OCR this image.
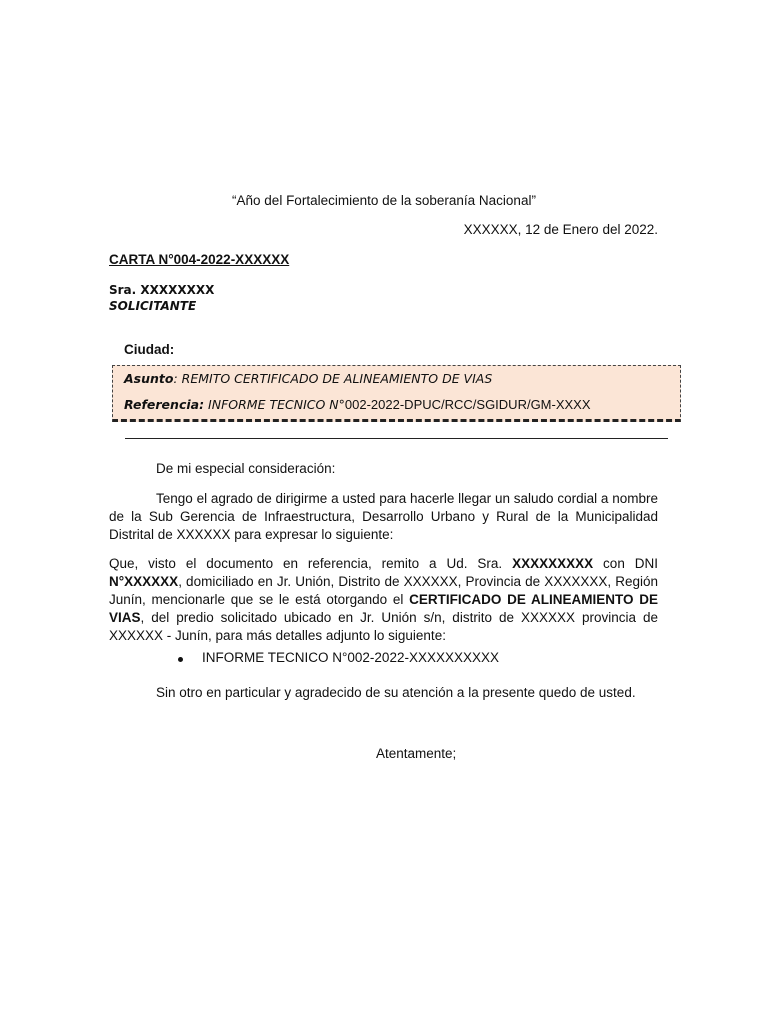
“Año del Fortalecimiento de la soberanía Nacional”
XXXXXX, 12 de Enero del 2022.
CARTA N°004-2022-XXXXXX
Sra. XXXXXXXX
SOLICITANTE
Ciudad:
Asunto: REMITO CERTIFICADO DE ALINEAMIENTO DE VIAS
Referencia: INFORME TECNICO N°002-2022-DPUC/RCC/SGIDUR/GM-XXXX
De mi especial consideración:
Tengo el agrado de dirigirme a usted para hacerle llegar un saludo cordial a nombre de la Sub Gerencia de Infraestructura, Desarrollo Urbano y Rural de la Municipalidad Distrital de XXXXXX para expresar lo siguiente:
Que, visto el documento en referencia, remito a Ud. Sra. XXXXXXXXX con DNI N°XXXXXX, domiciliado en Jr. Unión, Distrito de XXXXXX, Provincia de XXXXXXX, Región Junín, mencionarle que se le está otorgando el CERTIFICADO DE ALINEAMIENTO DE VIAS, del predio solicitado ubicado en Jr. Unión s/n, distrito de XXXXXX provincia de XXXXXX - Junín, para más detalles adjunto lo siguiente:
INFORME TECNICO N°002-2022-XXXXXXXXXX
Sin otro en particular y agradecido de su atención a la presente quedo de usted.
Atentamente;
